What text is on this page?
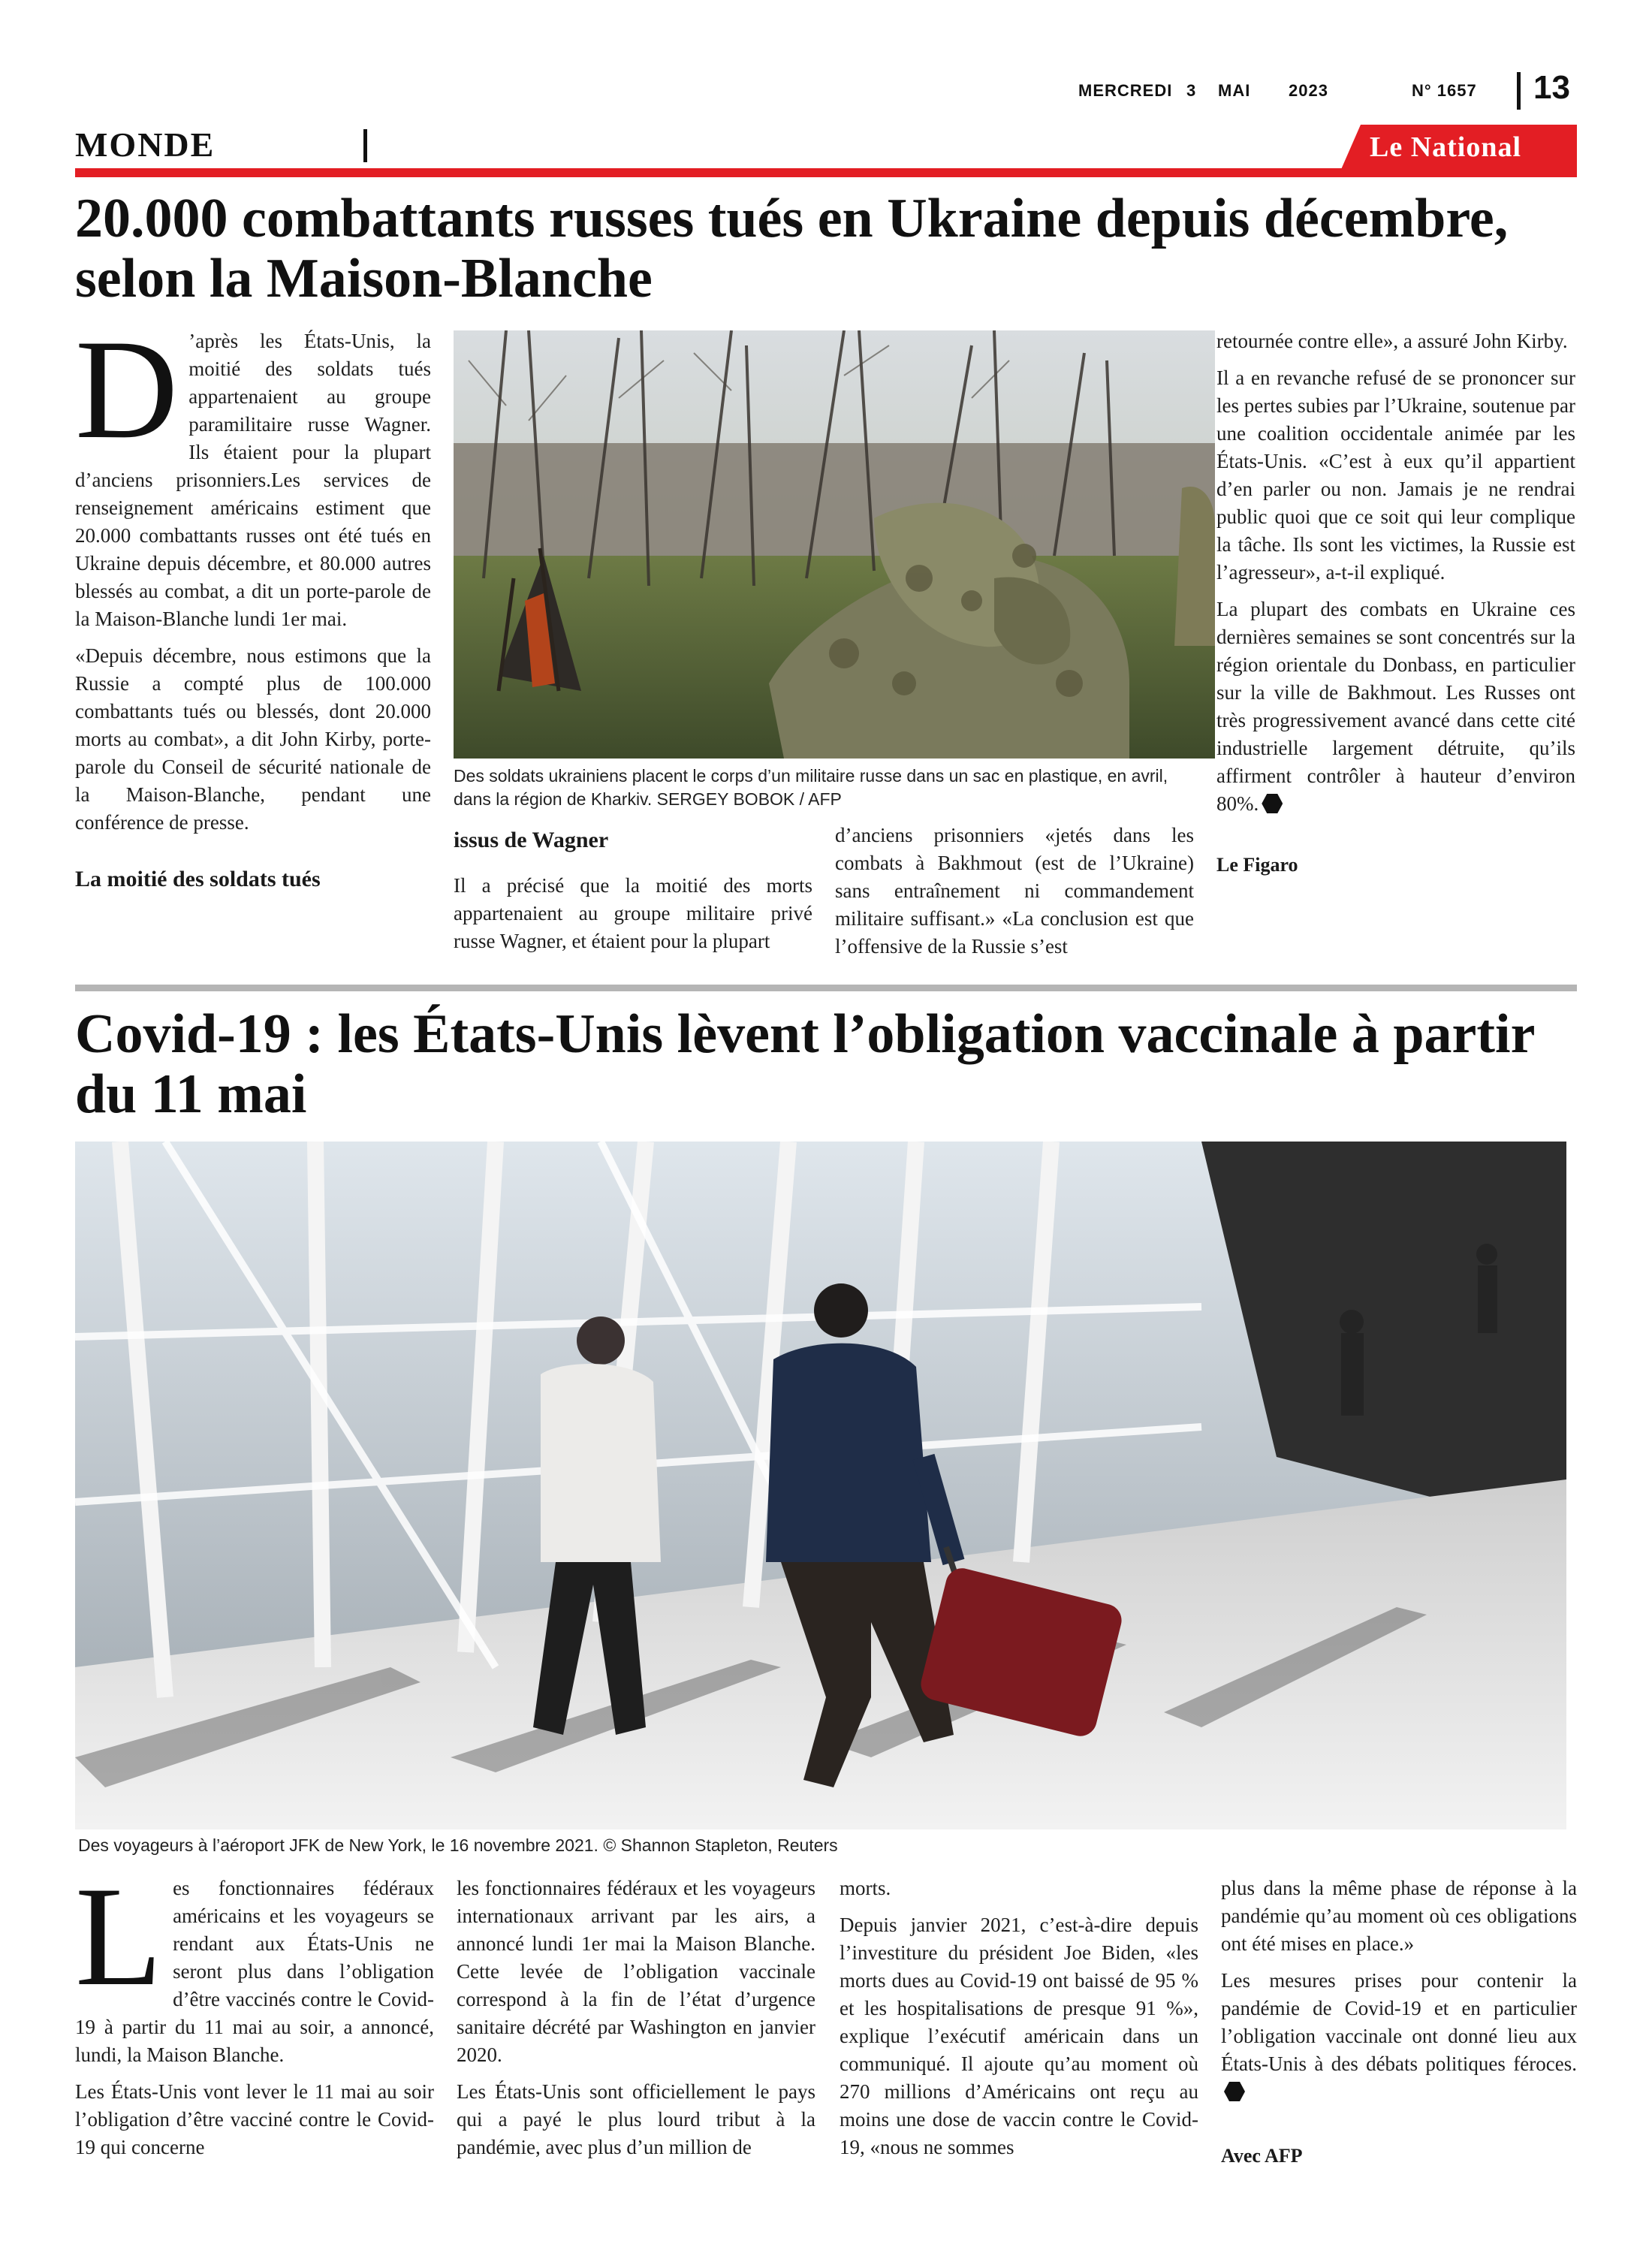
MERCREDI 3 MAI 2023	N° 1657 13
MONDE	Le National
20.000 combattants russes tués en Ukraine depuis décembre, selon la Maison-Blanche

D ’après les États-Unis, la moitié des soldats tués appartenaient au groupe paramilitaire russe Wagner. Ils étaient pour la plupart d’anciens prisonniers.Les services de renseignement américains estiment que 20.000 combattants russes ont été tués en Ukraine depuis décembre, et 80.000 autres blessés au combat, a dit un porte-parole de la Maison-Blanche lundi 1er mai.

«Depuis décembre, nous estimons que la Russie a compté plus de 100.000 combattants tués ou blessés, dont 20.000 morts au combat», a dit John Kirby, porte-parole du Conseil de sécurité nationale de la Maison-Blanche, pendant une conférence de presse.

La moitié des soldats tués
Des soldats ukrainiens placent le corps d’un militaire russe dans un sac en plastique, en avril, dans la région de Kharkiv. SERGEY BOBOK / AFP
issus de Wagner

Il a précisé que la moitié des morts appartenaient au groupe militaire privé russe Wagner, et étaient pour la plupart

d’anciens prisonniers «jetés dans les combats à Bakhmout (est de l’Ukraine) sans entraînement ni commandement militaire suffisant.» «La conclusion est que l’offensive de la Russie s’est

retournée contre elle», a assuré John Kirby.

Il a en revanche refusé de se prononcer sur les pertes subies par l’Ukraine, soutenue par une coalition occidentale animée par les États-Unis. «C’est à eux qu’il appartient d’en parler ou non. Jamais je ne rendrai public quoi que ce soit qui leur complique la tâche. Ils sont les victimes, la Russie est l’agresseur», a-t-il expliqué.

La plupart des combats en Ukraine ces dernières semaines se sont concentrés sur la région orientale du Donbass, en particulier sur la ville de Bakhmout. Les Russes ont très progressivement avancé dans cette cité industrielle largement détruite, qu’ils affirment contrôler à hauteur d’environ 80%.

Le Figaro
Covid-19 : les États-Unis lèvent l’obligation vaccinale à partir du 11 mai
Des voyageurs à l’aéroport JFK de New York, le 16 novembre 2021. © Shannon Stapleton, Reuters

Les fonctionnaires fédéraux américains et les voyageurs se rendant aux États-Unis ne seront plus dans l’obligation d’être vaccinés contre le Covid-19 à partir du 11 mai au soir, a annoncé, lundi, la Maison Blanche.

Les États-Unis vont lever le 11 mai au soir l’obligation d’être vacciné contre le Covid-19 qui concerne

les fonctionnaires fédéraux et les voyageurs internationaux arrivant par les airs, a annoncé lundi 1er mai la Maison Blanche. Cette levée de l’obligation vaccinale correspond à la fin de l’état d’urgence sanitaire décrété par Washington en janvier 2020.

Les États-Unis sont officiellement le pays qui a payé le plus lourd tribut à la pandémie, avec plus d’un million de

morts.

Depuis janvier 2021, c’est-à-dire depuis l’investiture du président Joe Biden, «les morts dues au Covid-19 ont baissé de 95 % et les hospitalisations de presque 91 %», explique l’exécutif américain dans un communiqué. Il ajoute qu’au moment où 270 millions d’Américains ont reçu au moins une dose de vaccin contre le Covid-19, «nous ne sommes

plus dans la même phase de réponse à la pandémie qu’au moment où ces obligations ont été mises en place.»

Les mesures prises pour contenir la pandémie de Covid-19 et en particulier l’obligation vaccinale ont donné lieu aux États-Unis à des débats politiques féroces.

Avec AFP
